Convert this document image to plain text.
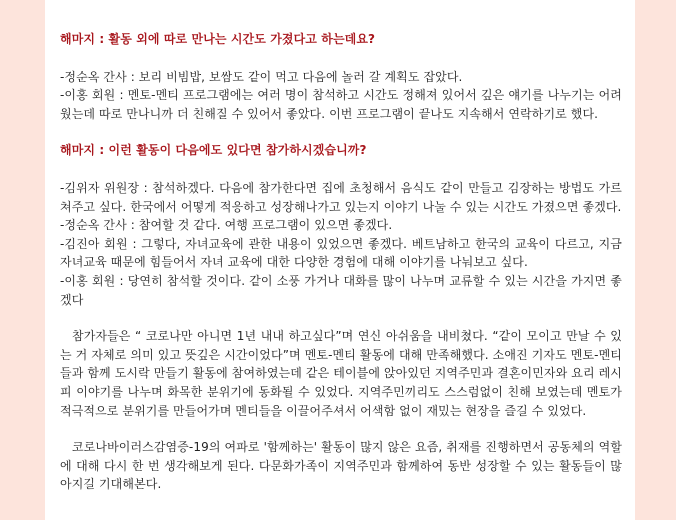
해마지 : 활동 외에 따로 만나는 시간도 가졌다고 하는데요?

-정순옥 간사 : 보리 비빔밥, 보쌈도 같이 먹고 다음에 놀러 갈 계획도 잡았다.

-이홍 회원 : 멘토-멘티 프로그램에는 여러 명이 참석하고 시간도 정해져 있어서 깊은 얘기를 나누기는 어려웠는데 따로 만나니까 더 친해질 수 있어서 좋았다. 이번 프로그램이 끝나도 지속해서 연락하기로 했다.

해마지 : 이런 활동이 다음에도 있다면 참가하시겠습니까?

-김위자 위원장 : 참석하겠다. 다음에 참가한다면 집에 초청해서 음식도 같이 만들고 김장하는 방법도 가르쳐주고 싶다. 한국에서 어떻게 적응하고 성장해나가고 있는지 이야기 나눌 수 있는 시간도 가졌으면 좋겠다.

-정순옥 간사 : 참여할 것 같다. 여행 프로그램이 있으면 좋겠다.

-김진아 회원 : 그렇다, 자녀교육에 관한 내용이 있었으면 좋겠다. 베트남하고 한국의 교육이 다르고, 지금 자녀교육 때문에 힘들어서 자녀 교육에 대한 다양한 경험에 대해 이야기를 나눠보고 싶다.

-이홍 회원 : 당연히 참석할 것이다. 같이 소풍 가거나 대화를 많이 나누며 교류할 수 있는 시간을 가지면 좋겠다

참가자들은 “ 코로나만 아니면 1년 내내 하고싶다”며 연신 아쉬움을 내비쳤다. “같이 모이고 만날 수 있는 거 자체로 의미 있고 뜻깊은 시간이었다”며 멘토-멘티 활동에 대해 만족해했다. 소애진 기자도 멘토-멘티들과 함께 도시락 만들기 활동에 참여하였는데 같은 테이블에 앉아있던 지역주민과 결혼이민자와 요리 레시피 이야기를 나누며 화목한 분위기에 동화될 수 있었다. 지역주민끼리도 스스럼없이 친해 보였는데 멘토가 적극적으로 분위기를 만들어가며 멘티들을 이끌어주셔서 어색함 없이 재밌는 현장을 즐길 수 있었다.

코로나바이러스감염증-19의 여파로 '함께하는' 활동이 많지 않은 요즘, 취재를 진행하면서 공동체의 역할에 대해 다시 한 번 생각해보게 된다. 다문화가족이 지역주민과 함께하여 동반 성장할 수 있는 활동들이 많아지길 기대해본다.
